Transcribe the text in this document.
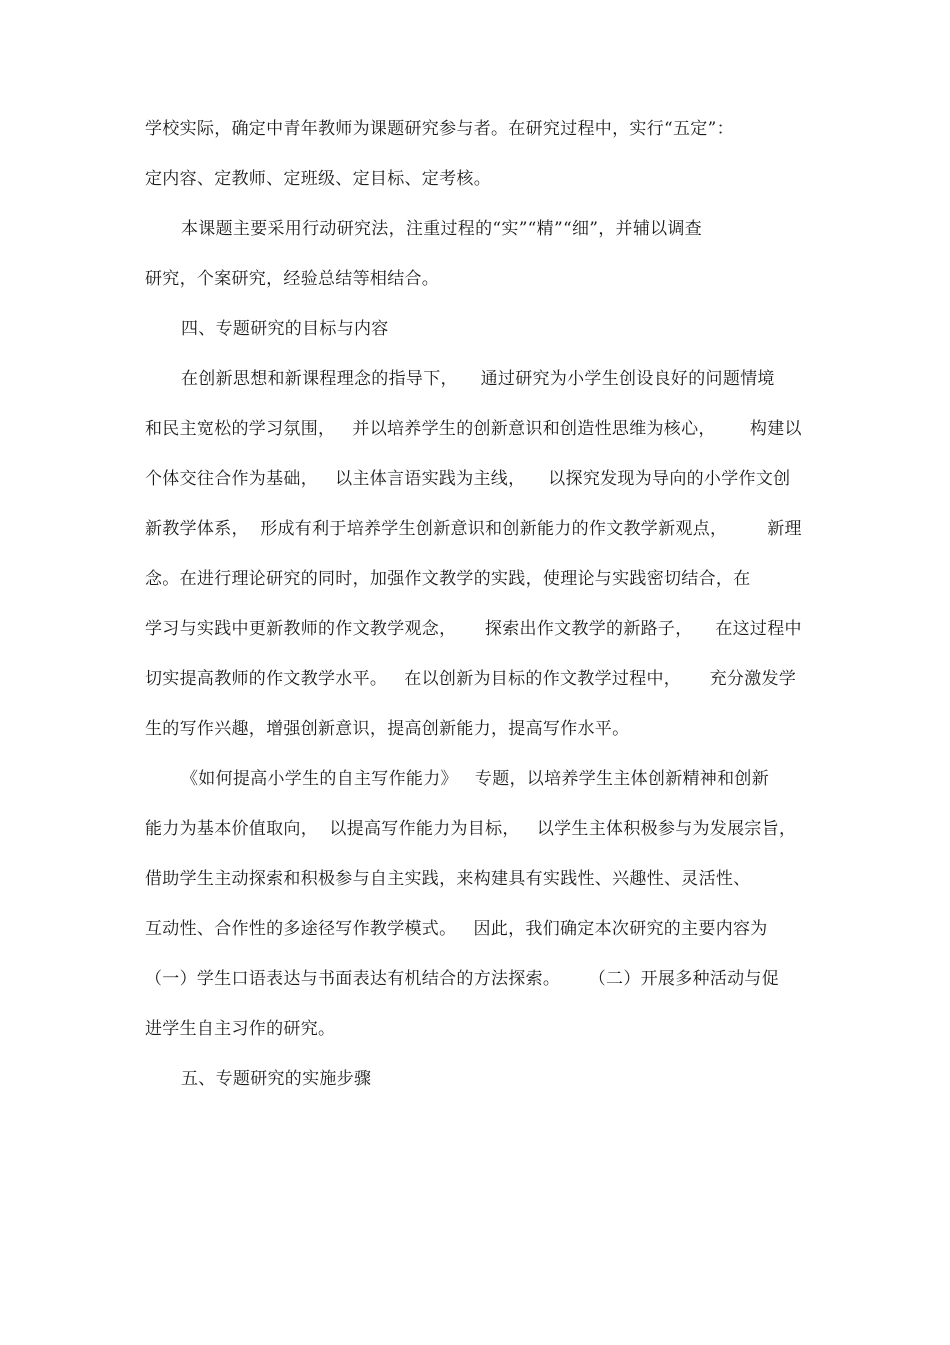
学校实际，确定中青年教师为课题研究参与者。在研究过程中，实行“五定”：
定内容、定教师、定班级、定目标、定考核。
本课题主要采用行动研究法，注重过程的“实”“精”“细”，并辅以调查
研究，个案研究，经验总结等相结合。
四、专题研究的目标与内容
在创新思想和新课程理念的指导下，    通过研究为小学生创设良好的问题情境
和民主宽松的学习氛围，   并以培养学生的创新意识和创造性思维为核心，      构建以
个体交往合作为基础，   以主体言语实践为主线，    以探究发现为导向的小学作文创
新教学体系，  形成有利于培养学生创新意识和创新能力的作文教学新观点，       新理
念。在进行理论研究的同时，加强作文教学的实践，使理论与实践密切结合，在
学习与实践中更新教师的作文教学观念，     探索出作文教学的新路子，    在这过程中
切实提高教师的作文教学水平。   在以创新为目标的作文教学过程中，     充分激发学
生的写作兴趣，增强创新意识，提高创新能力，提高写作水平。
《如何提高小学生的自主写作能力》   专题，以培养学生主体创新精神和创新
能力为基本价值取向，  以提高写作能力为目标，   以学生主体积极参与为发展宗旨，
借助学生主动探索和积极参与自主实践，来构建具有实践性、兴趣性、灵活性、
互动性、合作性的多途径写作教学模式。   因此，我们确定本次研究的主要内容为
（一）学生口语表达与书面表达有机结合的方法探索。     （二）开展多种活动与促
进学生自主习作的研究。
五、专题研究的实施步骤
